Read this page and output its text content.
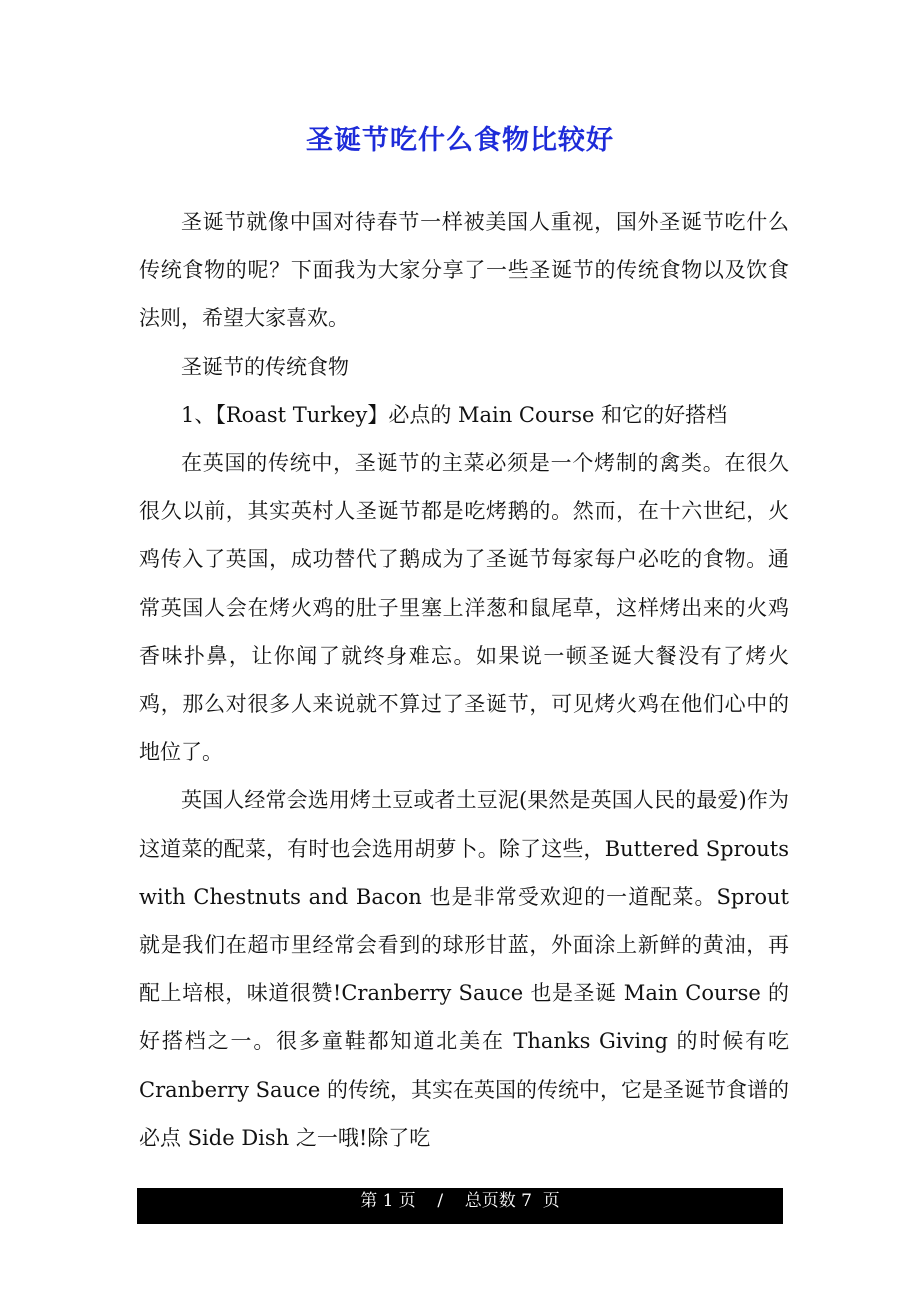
圣诞节吃什么食物比较好

圣诞节就像中国对待春节一样被美国人重视，国外圣诞节吃什么传统食物的呢？下面我为大家分享了一些圣诞节的传统食物以及饮食法则，希望大家喜欢。

圣诞节的传统食物

1、【Roast Turkey】必点的 Main Course 和它的好搭档

在英国的传统中，圣诞节的主菜必须是一个烤制的禽类。在很久很久以前，其实英村人圣诞节都是吃烤鹅的。然而，在十六世纪，火鸡传入了英国，成功替代了鹅成为了圣诞节每家每户必吃的食物。通常英国人会在烤火鸡的肚子里塞上洋葱和鼠尾草，这样烤出来的火鸡香味扑鼻，让你闻了就终身难忘。如果说一顿圣诞大餐没有了烤火鸡，那么对很多人来说就不算过了圣诞节，可见烤火鸡在他们心中的地位了。

英国人经常会选用烤土豆或者土豆泥(果然是英国人民的最爱)作为这道菜的配菜，有时也会选用胡萝卜。除了这些，Buttered Sprouts with Chestnuts and Bacon 也是非常受欢迎的一道配菜。Sprout 就是我们在超市里经常会看到的球形甘蓝，外面涂上新鲜的黄油，再配上培根，味道很赞!Cranberry Sauce 也是圣诞 Main Course 的好搭档之一。很多童鞋都知道北美在 Thanks Giving 的时候有吃 Cranberry Sauce 的传统，其实在英国的传统中，它是圣诞节食谱的必点 Side Dish 之一哦!除了吃

第 1 页    /    总页数 7  页
